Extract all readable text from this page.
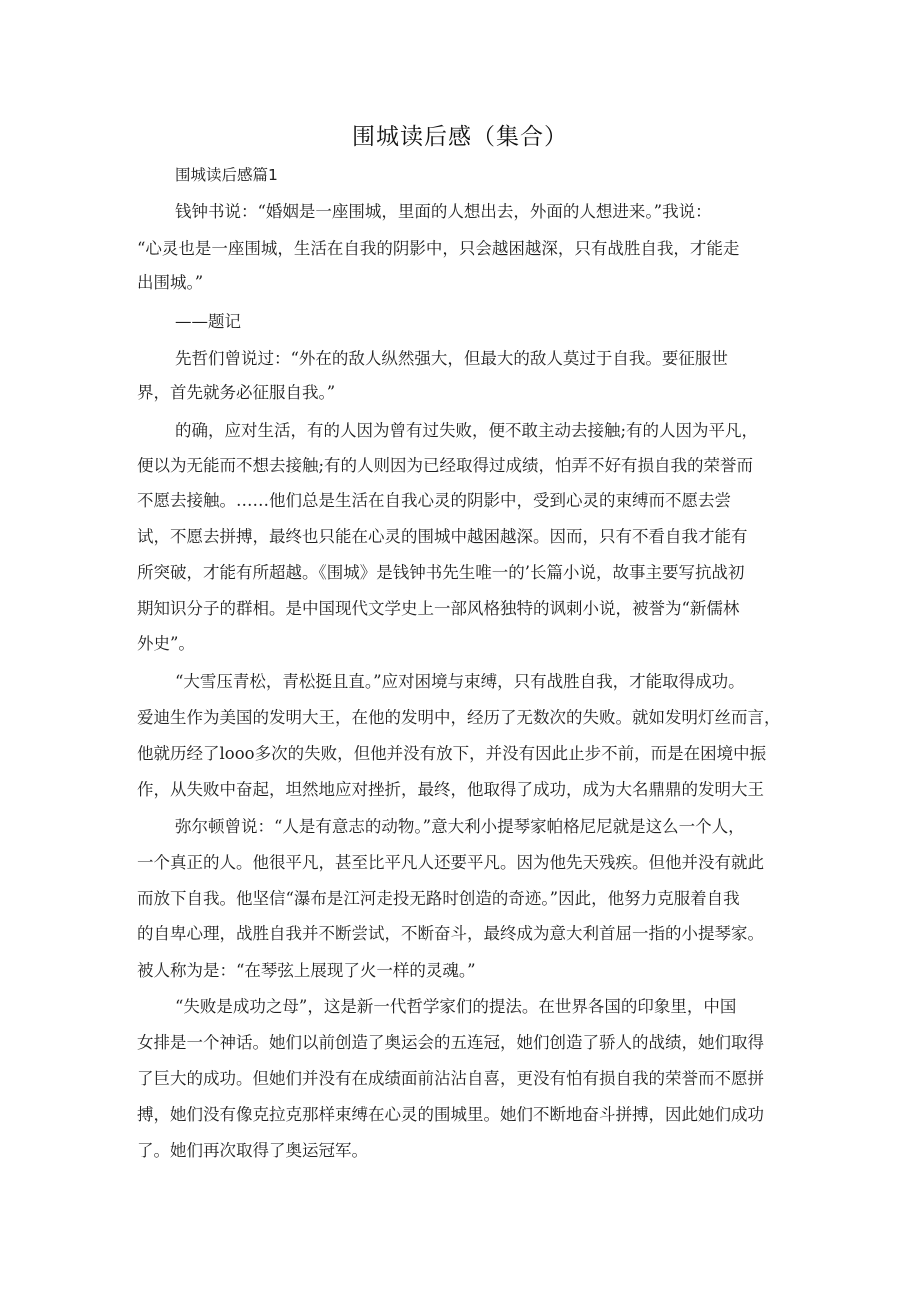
围城读后感（集合）
围城读后感篇1
钱钟书说：“婚姻是一座围城，里面的人想出去，外面的人想进来。”我说：
“心灵也是一座围城，生活在自我的阴影中，只会越困越深，只有战胜自我，才能走
出围城。”
——题记
先哲们曾说过：“外在的敌人纵然强大，但最大的敌人莫过于自我。要征服世
界，首先就务必征服自我。”
的确，应对生活，有的人因为曾有过失败，便不敢主动去接触;有的人因为平凡，
便以为无能而不想去接触;有的人则因为已经取得过成绩，怕弄不好有损自我的荣誉而
不愿去接触。……他们总是生活在自我心灵的阴影中，受到心灵的束缚而不愿去尝
试，不愿去拼搏，最终也只能在心灵的围城中越困越深。因而，只有不看自我才能有
所突破，才能有所超越。《围城》是钱钟书先生唯一的’长篇小说，故事主要写抗战初
期知识分子的群相。是中国现代文学史上一部风格独特的讽刺小说，被誉为“新儒林
外史”。
“大雪压青松，青松挺且直。”应对困境与束缚，只有战胜自我，才能取得成功。
爱迪生作为美国的发明大王，在他的发明中，经历了无数次的失败。就如发明灯丝而言，
他就历经了looo多次的失败，但他并没有放下，并没有因此止步不前，而是在困境中振
作，从失败中奋起，坦然地应对挫折，最终，他取得了成功，成为大名鼎鼎的发明大王
弥尔顿曾说：“人是有意志的动物。”意大利小提琴家帕格尼尼就是这么一个人，
一个真正的人。他很平凡，甚至比平凡人还要平凡。因为他先天残疾。但他并没有就此
而放下自我。他坚信“瀑布是江河走投无路时创造的奇迹。”因此，他努力克服着自我
的自卑心理，战胜自我并不断尝试，不断奋斗，最终成为意大利首屈一指的小提琴家。
被人称为是：“在琴弦上展现了火一样的灵魂。”
“失败是成功之母”，这是新一代哲学家们的提法。在世界各国的印象里，中国
女排是一个神话。她们以前创造了奥运会的五连冠，她们创造了骄人的战绩，她们取得
了巨大的成功。但她们并没有在成绩面前沾沾自喜，更没有怕有损自我的荣誉而不愿拼
搏，她们没有像克拉克那样束缚在心灵的围城里。她们不断地奋斗拼搏，因此她们成功
了。她们再次取得了奥运冠军。
